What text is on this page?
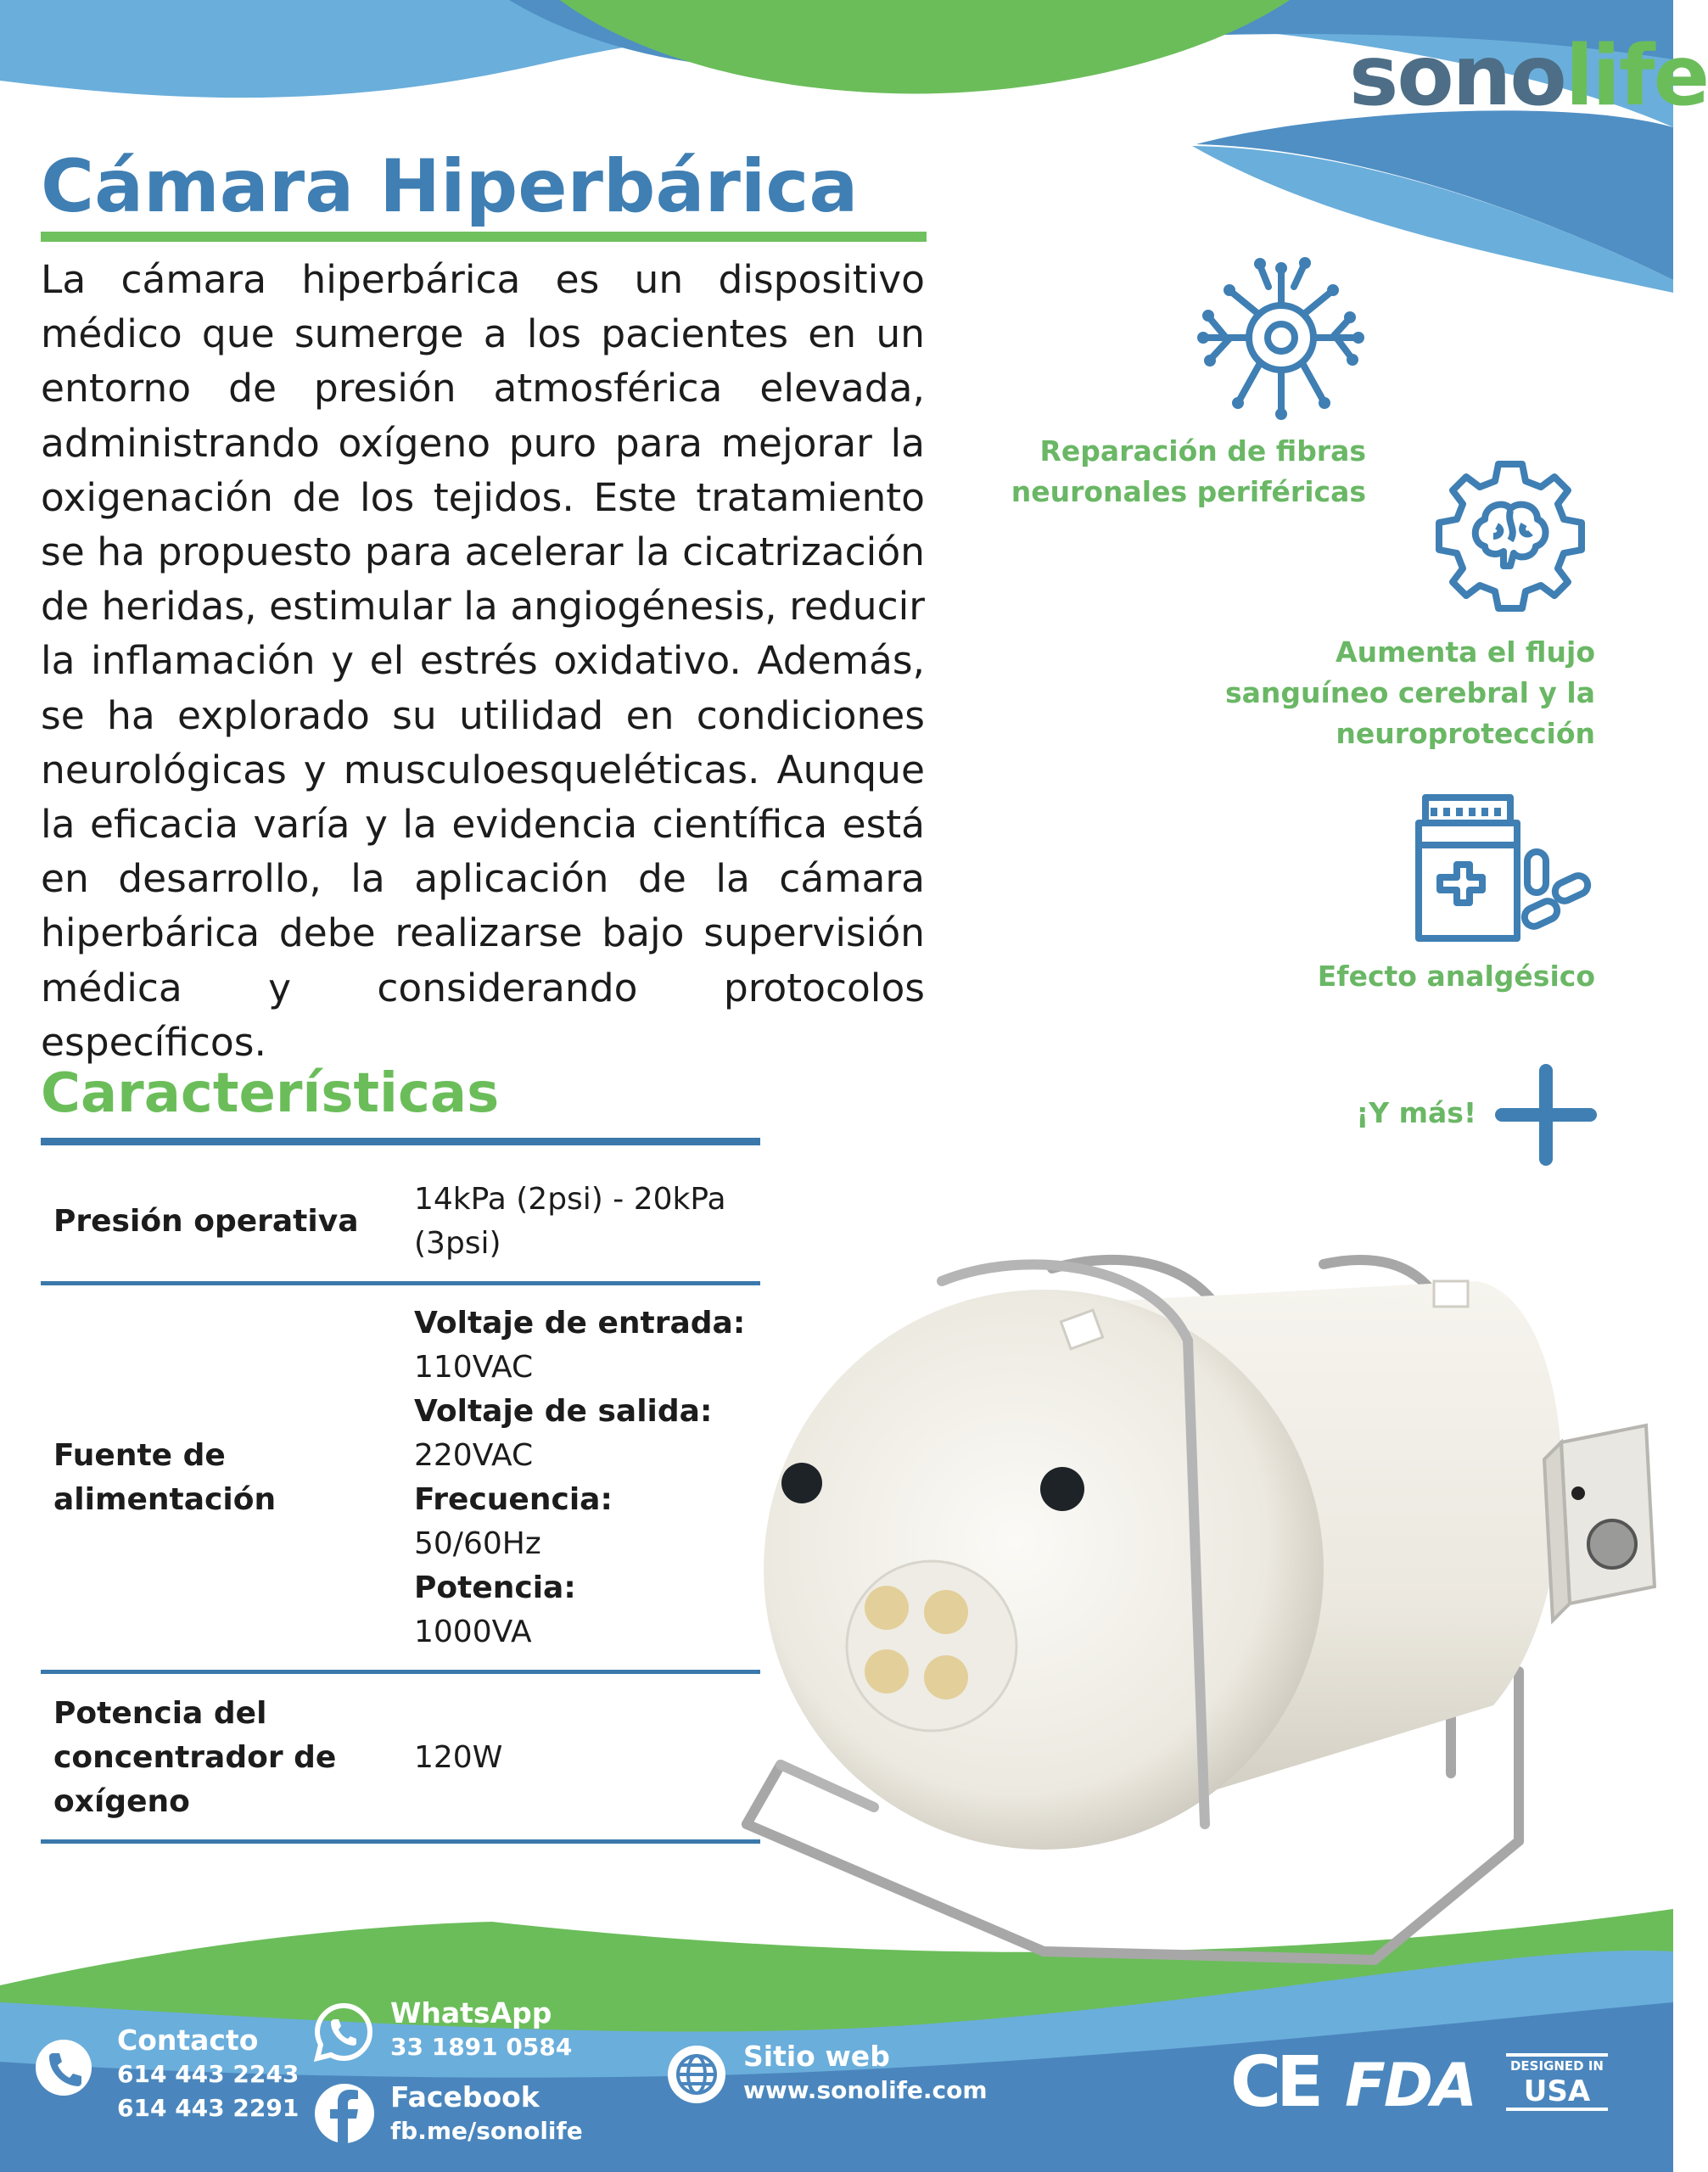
sonolife
Cámara Hiperbárica
La cámara hiperbárica es un dispositivo médico que sumerge a los pacientes en un entorno de presión atmosférica elevada, administrando oxígeno puro para mejorar la oxigenación de los tejidos. Este tratamiento se ha propuesto para acelerar la cicatrización de heridas, estimular la angiogénesis, reducir la inflamación y el estrés oxidativo. Además, se ha explorado su utilidad en condiciones neurológicas y musculoesqueléticas. Aunque la eficacia varía y la evidencia científica está en desarrollo, la aplicación de la cámara hiperbárica debe realizarse bajo supervisión médica y considerando protocolos específicos.
Reparación de fibras
neuronales periféricas
Aumenta el flujo
sanguíneo cerebral y la
neuroprotección
Efecto analgésico
¡Y más!
Características
Presión operativa
14kPa (2psi) - 20kPa
(3psi)
Fuente de
alimentación
Voltaje de entrada:
110VAC
Voltaje de salida:
220VAC
Frecuencia:
50/60Hz
Potencia:
1000VA
Potencia del
concentrador de
oxígeno
120W
Contacto
614 443 2243
614 443 2291
WhatsApp
33 1891 0584
Facebook
fb.me/sonolife
Sitio web
www.sonolife.com	CE FDA	DESIGNED IN
USA
